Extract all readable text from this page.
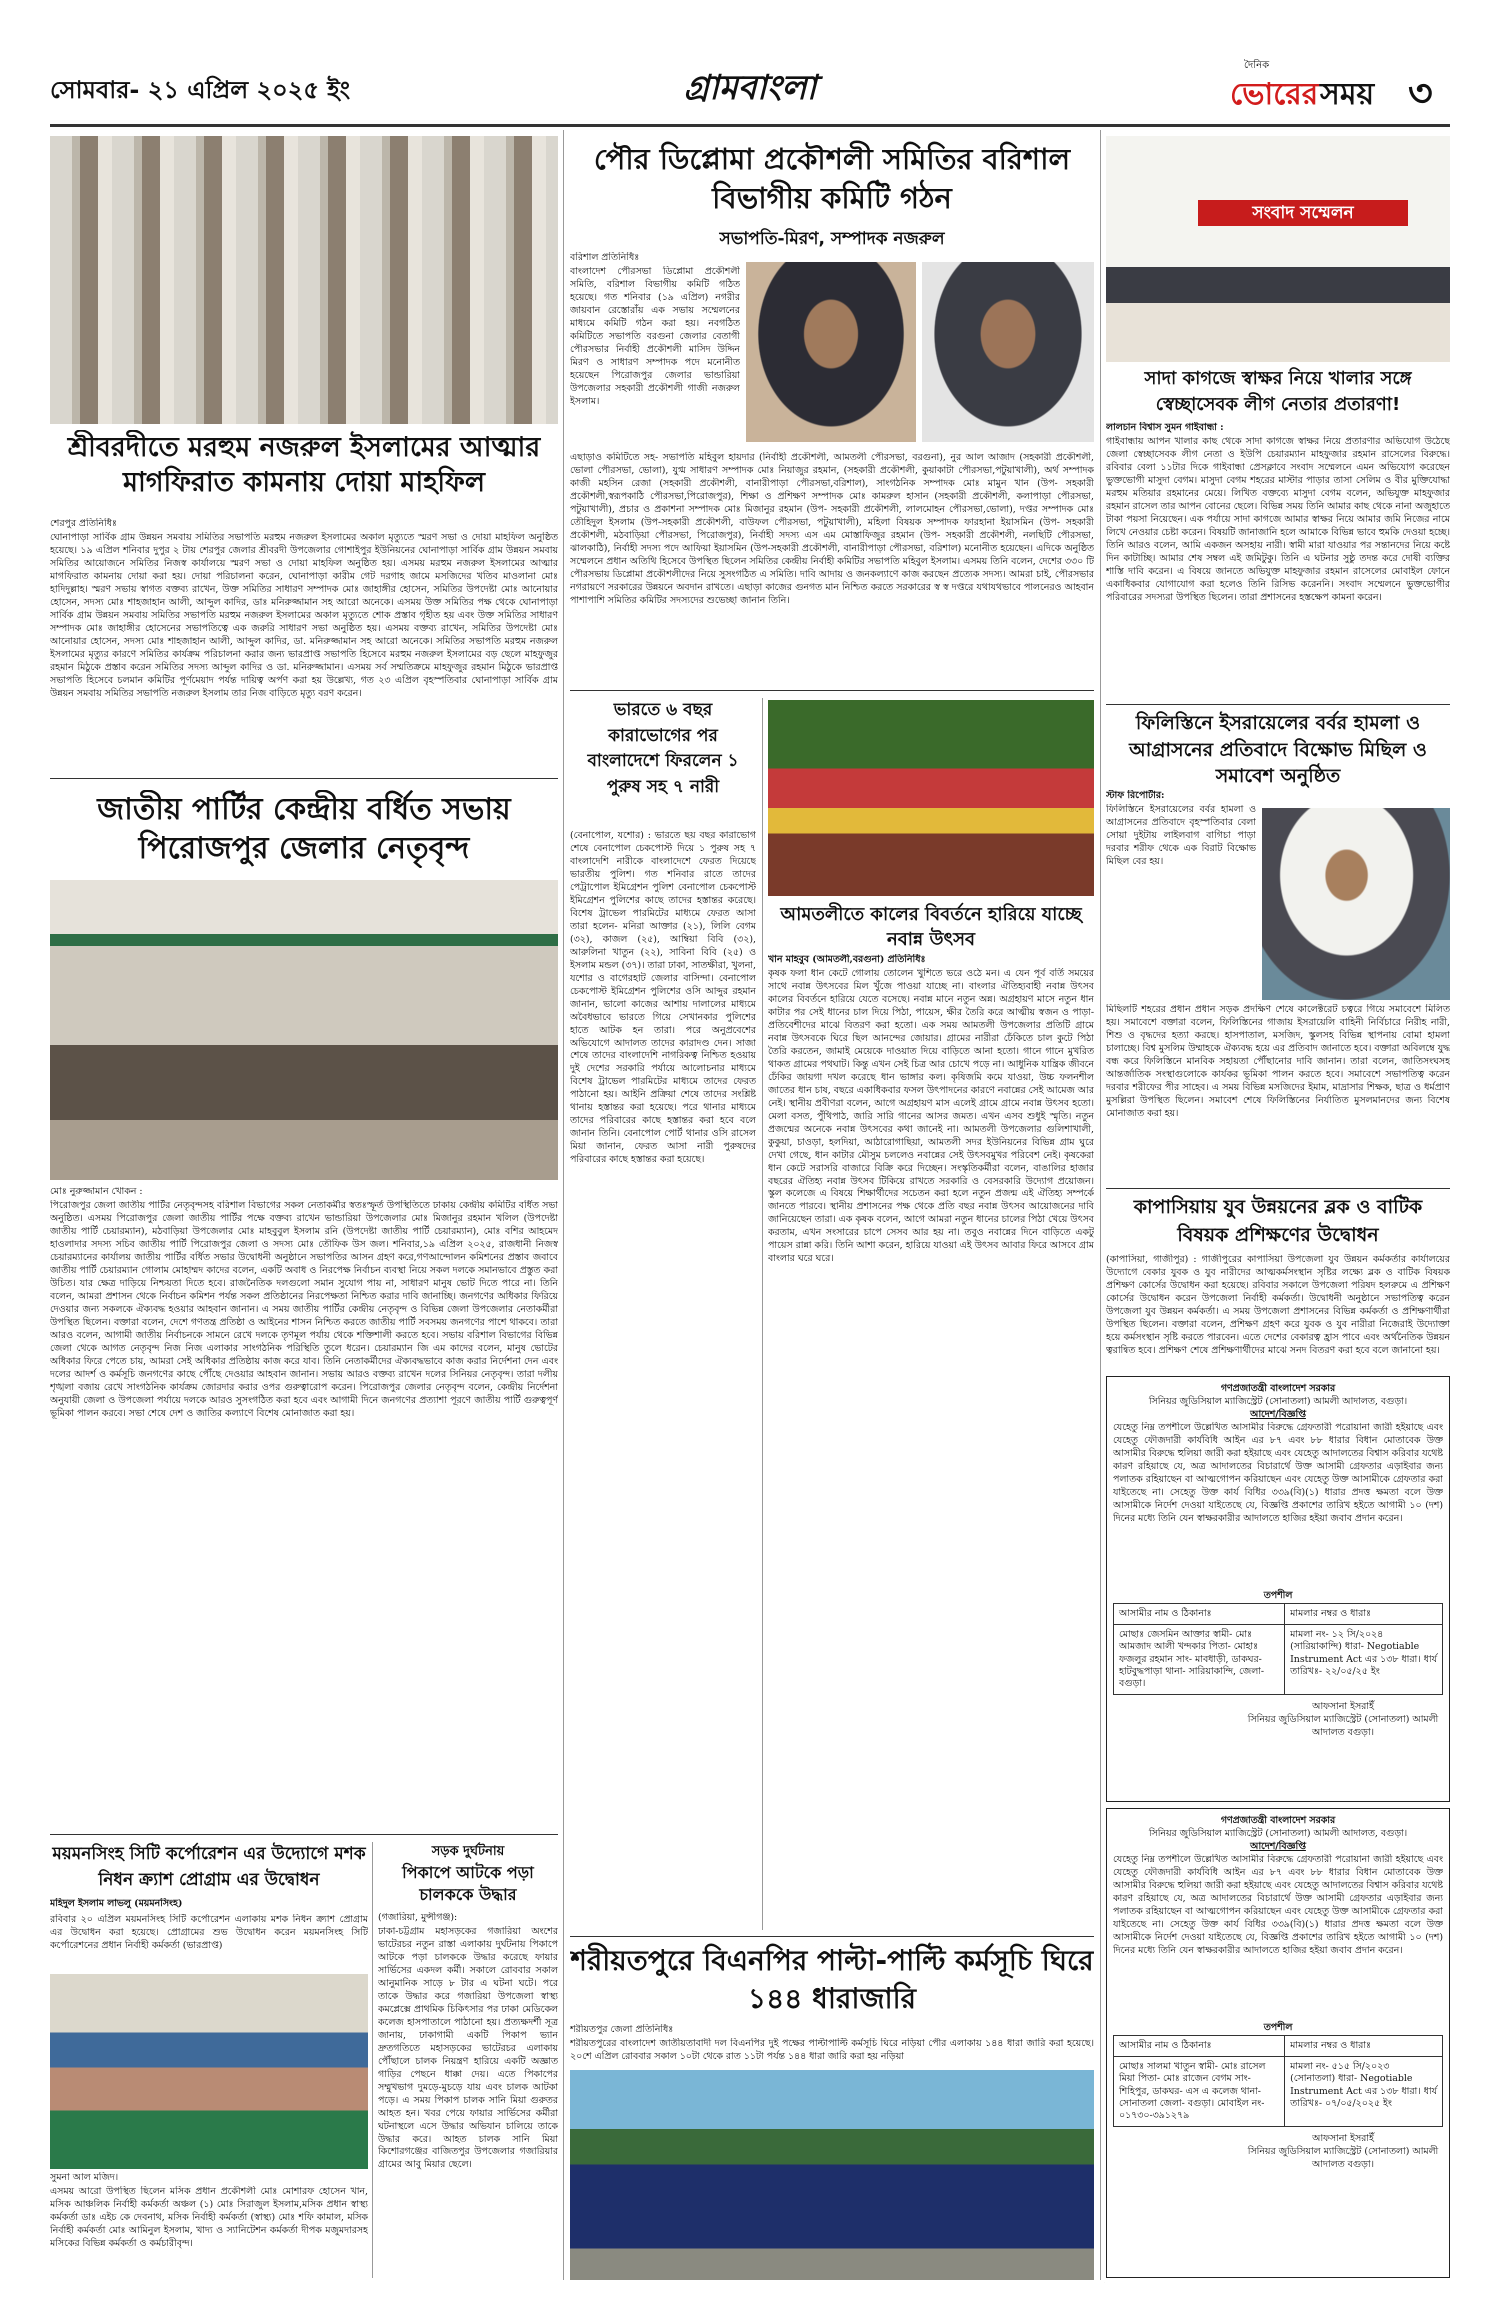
সোমবার- ২১ এপ্রিল ২০২৫ ইং	গ্রামবাংলা
দৈনিক
ভোরের সময় ৩
শ্রীবরদীতে মরহুম নজরুল ইসলামের আত্মার মাগফিরাত কামনায় দোয়া মাহফিল
শেরপুর প্রতিনিধিঃ
ঘোনাপাড়া সার্বিক গ্রাম উন্নয়ন সমবায় সমিতির সভাপতি মরহুম নজরুল ইসলামের অকাল মৃত্যুতে স্মরণ সভা ও দোয়া মাহফিল অনুষ্ঠিত হয়েছে। ১৯ এপ্রিল শনিবার দুপুর ২ টায় শেরপুর জেলার শ্রীবরদী উপজেলার গোশাইপুর ইউনিয়নের ঘোনাপাড়া সার্বিক গ্রাম উন্নয়ন সমবায় সমিতির আয়োজনে সমিতির নিজস্ব কার্যালয়ে স্মরণ সভা ও দোয়া মাহফিল অনুষ্ঠিত হয়। এসময় মরহুম নজরুল ইসলামের আত্মার মাগফিরাত কামনায় দোয়া করা হয়। দোয়া পরিচালনা করেন, ঘোনাপাড়া কারীম গেট দরগাহ জামে মসজিদের খতিব মাওলানা মোঃ হাদিদুল্লাহ। স্মরণ সভায় স্বাগত বক্তব্য রাখেন, উক্ত সমিতির সাধারণ সম্পাদক মোঃ জাহাঙ্গীর হোসেন, সমিতির উপদেষ্টা মোঃ আনোয়ার হোসেন, সদস্য মোঃ শাহজাহান আলী, আব্দুল কাদির, ডাঃ মনিরুজ্জামান সহ আরো অনেকে। এসময় উক্ত সমিতির পক্ষ থেকে ঘোনাপাড়া সার্বিক গ্রাম উন্নয়ন সমবায় সমিতির সভাপতি মরহুম নজরুল ইসলামের অকাল মৃত্যুতে শোক প্রস্তাব গৃহীত হয় এবং উক্ত সমিতির সাধারণ সম্পাদক মোঃ জাহাঙ্গীর হোসেনের সভাপতিত্বে এক জরুরি সাধারণ সভা অনুষ্ঠিত হয়। এসময় বক্তব্য রাখেন, সমিতির উপদেষ্টা মোঃ আনোয়ার হোসেন, সদস্য মোঃ শাহজাহান আলী, আব্দুল কাদির, ডা. মনিরুজ্জামান সহ আরো অনেকে। সমিতির সভাপতি মরহুম নজরুল ইসলামের মৃত্যুর কারণে সমিতির কার্যক্রম পরিচালনা করার জন্য ভারপ্রাপ্ত সভাপতি হিসেবে মরহুম নজরুল ইসলামের বড় ছেলে মাহফুজুর রহমান মিঠুকে প্রস্তাব করেন সমিতির সদস্য আব্দুল কাদির ও ডা. মনিরুজ্জামান। এসময় সর্ব সম্মতিক্রমে মাহফুজুর রহমান মিঠুকে ভারপ্রাপ্ত সভাপতি হিসেবে চলমান কমিটির পূর্ণমেয়াদ পর্যন্ত দায়িত্ব অর্পণ করা হয় উল্লেখ্য, গত ২৩ এপ্রিল বৃহস্পতিবার ঘোনাপাড়া সার্বিক গ্রাম উন্নয়ন সমবায় সমিতির সভাপতি নজরুল ইসলাম তার নিজ বাড়িতে মৃত্যু বরণ করেন।
জাতীয় পার্টির কেন্দ্রীয় বর্ধিত সভায় পিরোজপুর জেলার নেতৃবৃন্দ
মোঃ নুরুজ্জামান খোকন :
পিরোজপুর জেলা জাতীয় পার্টির নেতৃবৃন্দসহ বরিশাল বিভাগের সকল নেতাকর্মীর স্বতঃস্ফূর্ত উপস্থিতিতে ঢাকায় কেন্দ্রীয় কমিটির বর্ধিত সভা অনুষ্ঠিত। এসময় পিরোজপুর জেলা জাতীয় পার্টির পক্ষে বক্তব্য রাখেন ভান্ডারিয়া উপজেলার মোঃ মিজানুর রহমান খলিল (উপদেষ্টা জাতীয় পার্টি চেয়ারম্যান), মঠবাড়িয়া উপজেলার মোঃ মাহবুবুল ইসলাম রনি (উপদেষ্টা জাতীয় পার্টি চেয়ারম্যান), মোঃ বশির আহমেদ হাওলাদার সদস্য সচিব জাতীয় পার্টি পিরোজপুর জেলা ও সদস্য মোঃ তৌফিক উস জল। শনিবার,১৯ এপ্রিল ২০২৫, রাজধানী নিজস্ব চেয়ারম্যানের কার্যালয় জাতীয় পার্টির বর্ধিত সভার উদ্বোধনী অনুষ্ঠানে সভাপতির আসন গ্রহণ করে,গণআন্দোলন কমিশনের প্রস্তাব জবাবে জাতীয় পার্টি চেয়ারম্যান গোলাম মোহাম্মদ কাদের বলেন, একটি অবাধ ও নিরপেক্ষ নির্বাচন ব্যবস্থা নিয়ে সকল দলকে সমানভাবে প্রস্তুত করা উচিত। যার ক্ষেত্র দাড়িয়ে নিশ্চয়তা দিতে হবে। রাজনৈতিক দলগুলো সমান সুযোগ পায় না, সাধারণ মানুষ ভোট দিতে পারে না। তিনি বলেন, আমরা প্রশাসন থেকে নির্বাচন কমিশন পর্যন্ত সকল প্রতিষ্ঠানের নিরপেক্ষতা নিশ্চিত করার দাবি জানাচ্ছি। জনগণের অধিকার ফিরিয়ে দেওয়ার জন্য সকলকে ঐক্যবদ্ধ হওয়ার আহবান জানান। এ সময় জাতীয় পার্টির কেন্দ্রীয় নেতৃবৃন্দ ও বিভিন্ন জেলা উপজেলার নেতাকর্মীরা উপস্থিত ছিলেন। বক্তারা বলেন, দেশে গণতন্ত্র প্রতিষ্ঠা ও আইনের শাসন নিশ্চিত করতে জাতীয় পার্টি সবসময় জনগণের পাশে থাকবে। তারা আরও বলেন, আগামী জাতীয় নির্বাচনকে সামনে রেখে দলকে তৃণমূল পর্যায় থেকে শক্তিশালী করতে হবে। সভায় বরিশাল বিভাগের বিভিন্ন জেলা থেকে আগত নেতৃবৃন্দ নিজ নিজ এলাকার সাংগঠনিক পরিস্থিতি তুলে ধরেন। চেয়ারম্যান জি এম কাদের বলেন, মানুষ ভোটের অধিকার ফিরে পেতে চায়, আমরা সেই অধিকার প্রতিষ্ঠায় কাজ করে যাব। তিনি নেতাকর্মীদের ঐক্যবদ্ধভাবে কাজ করার নির্দেশনা দেন এবং দলের আদর্শ ও কর্মসূচি জনগণের কাছে পৌঁছে দেওয়ার আহবান জানান। সভায় আরও বক্তব্য রাখেন দলের সিনিয়র নেতৃবৃন্দ। তারা দলীয় শৃঙ্খলা বজায় রেখে সাংগঠনিক কার্যক্রম জোরদার করার ওপর গুরুত্বারোপ করেন। পিরোজপুর জেলার নেতৃবৃন্দ বলেন, কেন্দ্রীয় নির্দেশনা অনুযায়ী জেলা ও উপজেলা পর্যায়ে দলকে আরও সুসংগঠিত করা হবে এবং আগামী দিনে জনগণের প্রত্যাশা পূরণে জাতীয় পার্টি গুরুত্বপূর্ণ ভূমিকা পালন করবে। সভা শেষে দেশ ও জাতির কল্যাণে বিশেষ মোনাজাত করা হয়।
ময়মনসিংহ সিটি কর্পোরেশন এর উদ্যোগে মশক নিধন ক্র্যাশ প্রোগ্রাম এর উদ্বোধন
মহিদুল ইসলাম লাভলু (ময়মনসিংহ)
রবিবার ২০ এপ্রিল ময়মনসিংহ সিটি কর্পোরেশন এলাকায় মশক নিধন ক্র্যাশ প্রোগ্রাম এর উদ্বোধন করা হয়েছে। প্রোগ্রামের শুভ উদ্বোধন করেন ময়মনসিংহ সিটি কর্পোরেশনের প্রধান নির্বাহী কর্মকর্তা (ভারপ্রাপ্ত)
সুমনা আল মজিদ।
এসময় আরো উপস্থিত ছিলেন মসিক প্রধান প্রকৌশলী মোঃ মোশারফ হোসেন খান, মসিক আঞ্চলিক নির্বাহী কর্মকর্তা অঞ্চল (১) মোঃ সিরাজুল ইসলাম,মসিক প্রধান স্বাস্থ্য কর্মকর্তা ডাঃ এইচ কে দেবনাথ, মসিক নির্বাহী কর্মকর্তা (স্বাস্থ্য) মোঃ শফি কামাল, মসিক নির্বাহী কর্মকর্তা মোঃ আমিনুল ইসলাম, খাদ্য ও স্যানিটেশন কর্মকর্তা দীপক মজুমদারসহ মসিকের বিভিন্ন কর্মকর্তা ও কর্মচারীবৃন্দ।
সড়ক দুর্ঘটনায়
পিকাপে আটকে পড়া চালককে উদ্ধার
(গজারিয়া, মুন্সীগঞ্জ):
ঢাকা-চট্টগ্রাম মহাসড়কের গজারিয়া অংশের ভাটেরচর নতুন রাস্তা এলাকায় দুর্ঘটনায় পিকাপে আটকে পড়া চালককে উদ্ধার করেছে ফায়ার সার্ভিসের একদল কর্মী। সকালে রোববার সকাল আনুমানিক সাড়ে ৮ টার এ ঘটনা ঘটে। পরে তাকে উদ্ধার করে গজারিয়া উপজেলা স্বাস্থ্য কমপ্লেক্সে প্রাথমিক চিকিৎসার পর ঢাকা মেডিকেল কলেজ হাসপাতালে পাঠানো হয়। প্রত্যক্ষদর্শী সূত্র জানায়, ঢাকাগামী একটি পিকাপ ভ্যান দ্রুতগতিতে মহাসড়কের ভাটেরচর এলাকায় পৌঁছালে চালক নিয়ন্ত্রণ হারিয়ে একটি অজ্ঞাত গাড়ির পেছনে ধাক্কা দেয়। এতে পিকাপের সম্মুখভাগ দুমড়ে-মুচড়ে যায় এবং চালক আটকা পড়ে। এ সময় পিকাপ চালক সানি মিয়া গুরুতর আহত হন। খবর পেয়ে ফায়ার সার্ভিসের কর্মীরা ঘটনাস্থলে এসে উদ্ধার অভিযান চালিয়ে তাকে উদ্ধার করে। আহত চালক সানি মিয়া কিশোরগঞ্জের বাজিতপুর উপজেলার গজারিয়ার গ্রামের আবু মিয়ার ছেলে।
পৌর ডিপ্লোমা প্রকৌশলী সমিতির বরিশাল বিভাগীয় কমিটি গঠন
সভাপতি-মিরণ, সম্পাদক নজরুল
বরিশাল প্রতিনিধিঃ
বাংলাদেশ পৌরসভা ডিপ্লোমা প্রকৌশলী সমিতি, বরিশাল বিভাগীয় কমিটি গঠিত হয়েছে। গত শনিবার (১৯ এপ্রিল) নগরীর জায়বান রেস্তোরাঁয় এক সভায় সম্মেলনের মাধ্যমে কমিটি গঠন করা হয়। নবগঠিত কমিটিতে সভাপতি বরগুনা জেলার বেতাগী পৌরসভার নির্বাহী প্রকৌশলী মাসিদ উদ্দিন মিরণ ও সাধারণ সম্পাদক পদে মনোনীত হয়েছেন পিরোজপুর জেলার ভান্ডারিয়া উপজেলার সহকারী প্রকৌশলী গাজী নজরুল ইসলাম।
এছাড়াও কমিটিতে সহ- সভাপতি মহিবুল হায়দার (নির্বাহী প্রকৌশলী, আমতলী পৌরসভা, বরগুনা), নুর আল আজাদ (সহকারী প্রকৌশলী, ভোলা পৌরসভা, ভোলা), যুগ্ম সাধারণ সম্পাদক মোঃ নিয়াজুর রহমান, (সহকারী প্রকৌশলী, কুয়াকাটা পৌরসভা,পটুয়াখালী), অর্থ সম্পাদক কাজী মহসিন রেজা (সহকারী প্রকৌশলী, বানারীপাড়া পৌরসভা,বরিশাল), সাংগঠনিক সম্পাদক মোঃ মামুন খান (উপ- সহকারী প্রকৌশলী,স্বরূপকাঠি পৌরসভা,পিরোজপুর), শিক্ষা ও প্রশিক্ষণ সম্পাদক মোঃ কামরুল হাসান (সহকারী প্রকৌশলী, কলাপাড়া পৌরসভা, পটুয়াখালী), প্রচার ও প্রকাশনা সম্পাদক মোঃ মিজানুর রহমান (উপ- সহকারী প্রকৌশলী, লালমোহন পৌরসভা,ভোলা), দপ্তর সম্পাদক মোঃ তৌহিদুল ইসলাম (উপ-সহকারী প্রকৌশলী, বাউফল পৌরসভা, পটুয়াখালী), মহিলা বিষয়ক সম্পাদক ফারহানা ইয়াসমিন (উপ- সহকারী প্রকৌশলী, মঠবাড়িয়া পৌরসভা, পিরোজপুর), নির্বাহী সদস্য এস এম মোস্তাফিজুর রহমান (উপ- সহকারী প্রকৌশলী, নলছিটি পৌরসভা, ঝালকাঠি), নির্বাহী সদস্য পদে আফিয়া ইয়াসমিন (উপ-সহকারী প্রকৌশলী, বানারীপাড়া পৌরসভা, বরিশাল) মনোনীত হয়েছেন। এদিকে অনুষ্ঠিত সম্মেলনে প্রধান অতিথি হিসেবে উপস্থিত ছিলেন সমিতির কেন্দ্রীয় নির্বাহী কমিটির সভাপতি মহিবুল ইসলাম। এসময় তিনি বলেন, দেশের ৩৩০ টি পৌরসভায় ডিপ্লোমা প্রকৌশলীদের নিয়ে সুসংগঠিত এ সমিতি। দাবি আদায় ও জনকল্যাণে কাজ করছেন প্রত্যেক সদস্য। আমরা চাই, পৌরসভার নগরায়ণে সরকারের উন্নয়নে অবদান রাখতে। এছাড়া কাজের গুনগত মান নিশ্চিত করতে সরকারের স্ব স্ব দপ্তরে যথাযথভাবে পালনেরও আহবান পাশাপাশি সমিতির কমিটির সদস্যদের শুভেচ্ছা জানান তিনি।
ভারতে ৬ বছর কারাভোগের পর বাংলাদেশে ফিরলেন ১ পুরুষ সহ ৭ নারী
(বেনাপোল, যশোর) : ভারতে ছয় বছর কারাভোগ শেষে বেনাপোল চেকপোস্ট দিয়ে ১ পুরুষ সহ ৭ বাংলাদেশি নারীকে বাংলাদেশে ফেরত দিয়েছে ভারতীয় পুলিশ। গত শনিবার রাতে তাদের পেট্রাপোল ইমিগ্রেশন পুলিশ বেনাপোল চেকপোস্ট ইমিগ্রেশন পুলিশের কাছে তাদের হস্তান্তর করেছে। বিশেষ ট্রাভেল পারমিটের মাধ্যমে ফেরত আসা তারা হলেন- মনিরা আক্তার (২১), লিলি বেগম (৩২), কাজল (২৫), আম্বিয়া বিবি (৩২), আরুলিনা খাতুন (২২), সাবিনা বিবি (২৫) ও ইসলাম মন্ডল (৩৭)। তারা ঢাকা, সাতক্ষীরা, খুলনা, যশোর ও বাগেরহাট জেলার বাসিন্দা। বেনাপোল চেকপোস্ট ইমিগ্রেশন পুলিশের ওসি আব্দুর রহমান জানান, ভালো কাজের আশায় দালালের মাধ্যমে অবৈধভাবে ভারতে গিয়ে সেখানকার পুলিশের হাতে আটক হন তারা। পরে অনুপ্রবেশের অভিযোগে আদালত তাদের কারাদণ্ড দেন। সাজা শেষে তাদের বাংলাদেশি নাগরিকত্ব নিশ্চিত হওয়ায় দুই দেশের সরকারি পর্যায়ে আলোচনার মাধ্যমে বিশেষ ট্রাভেল পারমিটের মাধ্যমে তাদের ফেরত পাঠানো হয়। আইনি প্রক্রিয়া শেষে তাদের সংশ্লিষ্ট থানায় হস্তান্তর করা হয়েছে। পরে থানার মাধ্যমে তাদের পরিবারের কাছে হস্তান্তর করা হবে বলে জানান তিনি। বেনাপোল পোর্ট থানার ওসি রাসেল মিয়া জানান, ফেরত আসা নারী পুরুষদের পরিবারের কাছে হস্তান্তর করা হয়েছে।
আমতলীতে কালের বিবর্তনে হারিয়ে যাচ্ছে নবান্ন উৎসব
খান মাহবুব (আমতলী,বরগুনা) প্রতিনিধিঃ
কৃষক ফলা ধান কেটে গোলায় তোলেন খুশিতে ভরে ওঠে মন। এ যেন পূর্ব বর্তি সময়ের সাথে নবান্ন উৎসবের মিল খুঁজে পাওয়া যাচ্ছে না। বাংলার ঐতিহ্যবাহী নবান্ন উৎসব কালের বিবর্তনে হারিয়ে যেতে বসেছে। নবান্ন মানে নতুন অন্ন। অগ্রহায়ণ মাসে নতুন ধান কাটার পর সেই ধানের চাল দিয়ে পিঠা, পায়েস, ক্ষীর তৈরি করে আত্মীয় স্বজন ও পাড়া-প্রতিবেশীদের মাঝে বিতরণ করা হতো। এক সময় আমতলী উপজেলার প্রতিটি গ্রামে নবান্ন উৎসবকে ঘিরে ছিল আনন্দের জোয়ার। গ্রামের নারীরা ঢেঁকিতে চাল কুটে পিঠা তৈরি করতেন, জামাই মেয়েকে দাওয়াত দিয়ে বাড়িতে আনা হতো। গানে গানে মুখরিত থাকত গ্রামের পথঘাট। কিন্তু এখন সেই চিত্র আর চোখে পড়ে না। আধুনিক যান্ত্রিক জীবনে ঢেঁকির জায়গা দখল করেছে ধান ভাঙ্গার কল। কৃষিজমি কমে যাওয়া, উচ্চ ফলনশীল জাতের ধান চাষ, বছরে একাধিকবার ফসল উৎপাদনের কারণে নবান্নের সেই আমেজ আর নেই। স্থানীয় প্রবীণরা বলেন, আগে অগ্রহায়ণ মাস এলেই গ্রামে গ্রামে নবান্ন উৎসব হতো। মেলা বসত, পুঁথিপাঠ, জারি সারি গানের আসর জমত। এখন এসব শুধুই স্মৃতি। নতুন প্রজন্মের অনেকে নবান্ন উৎসবের কথা জানেই না। আমতলী উপজেলার গুলিশাখালী, কুকুয়া, চাওড়া, হলদিয়া, আঠারোগাছিয়া, আমতলী সদর ইউনিয়নের বিভিন্ন গ্রাম ঘুরে দেখা গেছে, ধান কাটার মৌসুম চললেও নবান্নের সেই উৎসবমুখর পরিবেশ নেই। কৃষকেরা ধান কেটে সরাসরি বাজারে বিক্রি করে দিচ্ছেন। সংস্কৃতিকর্মীরা বলেন, বাঙালির হাজার বছরের ঐতিহ্য নবান্ন উৎসব টিকিয়ে রাখতে সরকারি ও বেসরকারি উদ্যোগ প্রয়োজন। স্কুল কলেজে এ বিষয়ে শিক্ষার্থীদের সচেতন করা হলে নতুন প্রজন্ম এই ঐতিহ্য সম্পর্কে জানতে পারবে। স্থানীয় প্রশাসনের পক্ষ থেকে প্রতি বছর নবান্ন উৎসব আয়োজনের দাবি জানিয়েছেন তারা। এক কৃষক বলেন, আগে আমরা নতুন ধানের চালের পিঠা খেয়ে উৎসব করতাম, এখন সংসারের চাপে সেসব আর হয় না। তবুও নবান্নের দিনে বাড়িতে একটু পায়েস রান্না করি। তিনি আশা করেন, হারিয়ে যাওয়া এই উৎসব আবার ফিরে আসবে গ্রাম বাংলার ঘরে ঘরে।
শরীয়তপুরে বিএনপির পাল্টা-পাল্টি কর্মসূচি ঘিরে ১৪৪ ধারাজারি
শরীয়তপুর জেলা প্রতিনিধিঃ
শরীয়তপুরের বাংলাদেশ জাতীয়তাবাদী দল বিএনপির দুই পক্ষের পাল্টাপাল্টি কর্মসূচি ঘিরে নড়িয়া পৌর এলাকায় ১৪৪ ধারা জারি করা হয়েছে। ২০শে এপ্রিল রোববার সকাল ১০টা থেকে রাত ১১টা পর্যন্ত ১৪৪ ধারা জারি করা হয় নড়িয়া
সংবাদ সম্মেলন
সাদা কাগজে স্বাক্ষর নিয়ে খালার সঙ্গে স্বেচ্ছাসেবক লীগ নেতার প্রতারণা!
লালচান বিশ্বাস সুমন গাইবান্ধা :
গাইবান্ধায় আপন খালার কাছ থেকে সাদা কাগজে স্বাক্ষর নিয়ে প্রতারণার অভিযোগ উঠেছে জেলা স্বেচ্ছাসেবক লীগ নেতা ও ইউপি চেয়ারম্যান মাহফুজার রহমান রাসেলের বিরুদ্ধে। রবিবার বেলা ১১টার দিকে গাইবান্ধা প্রেসক্লাবে সংবাদ সম্মেলনে এমন অভিযোগ করেছেন ভুক্তভোগী মাসুদা বেগম। মাসুদা বেগম শহরের মাস্টার পাড়ার তাসা সেলিম ও বীর মুক্তিযোদ্ধা মরহুম মতিয়ার রহমানের মেয়ে। লিখিত বক্তব্যে মাসুদা বেগম বলেন, অভিযুক্ত মাহফুজার রহমান রাসেল তার আপন বোনের ছেলে। বিভিন্ন সময় তিনি আমার কাছ থেকে নানা অজুহাতে টাকা পয়সা নিয়েছেন। এক পর্যায়ে সাদা কাগজে আমার স্বাক্ষর নিয়ে আমার জমি নিজের নামে লিখে নেওয়ার চেষ্টা করেন। বিষয়টি জানাজানি হলে আমাকে বিভিন্ন ভাবে হুমকি দেওয়া হচ্ছে। তিনি আরও বলেন, আমি একজন অসহায় নারী। স্বামী মারা যাওয়ার পর সন্তানদের নিয়ে কষ্টে দিন কাটাচ্ছি। আমার শেষ সম্বল এই জমিটুকু। তিনি এ ঘটনার সুষ্ঠু তদন্ত করে দোষী ব্যক্তির শাস্তি দাবি করেন। এ বিষয়ে জানতে অভিযুক্ত মাহফুজার রহমান রাসেলের মোবাইল ফোনে একাধিকবার যোগাযোগ করা হলেও তিনি রিসিভ করেননি। সংবাদ সম্মেলনে ভুক্তভোগীর পরিবারের সদস্যরা উপস্থিত ছিলেন। তারা প্রশাসনের হস্তক্ষেপ কামনা করেন।
ফিলিস্তিনে ইসরায়েলের বর্বর হামলা ও আগ্রাসনের প্রতিবাদে বিক্ষোভ মিছিল ও সমাবেশ অনুষ্ঠিত
স্টাফ রিপোর্টার:
ফিলিস্তিনে ইসরায়েলের বর্বর হামলা ও আগ্রাসনের প্রতিবাদে বৃহস্পতিবার বেলা সোয়া দুইটায় লাইলবাগ বাগিচা পাড়া দরবার শরীফ থেকে এক বিরাট বিক্ষোভ মিছিল বের হয়।
মিছিলটি শহরের প্রধান প্রধান সড়ক প্রদক্ষিণ শেষে কালেক্টরেট চত্বরে গিয়ে সমাবেশে মিলিত হয়। সমাবেশে বক্তারা বলেন, ফিলিস্তিনের গাজায় ইসরায়েলি বাহিনী নির্বিচারে নিরীহ নারী, শিশু ও বৃদ্ধদের হত্যা করছে। হাসপাতাল, মসজিদ, স্কুলসহ বিভিন্ন স্থাপনায় বোমা হামলা চালাচ্ছে। বিশ্ব মুসলিম উম্মাহকে ঐক্যবদ্ধ হয়ে এর প্রতিবাদ জানাতে হবে। বক্তারা অবিলম্বে যুদ্ধ বন্ধ করে ফিলিস্তিনে মানবিক সহায়তা পৌঁছানোর দাবি জানান। তারা বলেন, জাতিসংঘসহ আন্তর্জাতিক সংস্থাগুলোকে কার্যকর ভূমিকা পালন করতে হবে। সমাবেশে সভাপতিত্ব করেন দরবার শরীফের পীর সাহেব। এ সময় বিভিন্ন মসজিদের ইমাম, মাদ্রাসার শিক্ষক, ছাত্র ও ধর্মপ্রাণ মুসল্লিরা উপস্থিত ছিলেন। সমাবেশ শেষে ফিলিস্তিনের নির্যাতিত মুসলমানদের জন্য বিশেষ মোনাজাত করা হয়।
কাপাসিয়ায় যুব উন্নয়নের ব্লক ও বাটিক বিষয়ক প্রশিক্ষণের উদ্বোধন
(কাপাসিয়া, গাজীপুর) : গাজীপুরের কাপাসিয়া উপজেলা যুব উন্নয়ন কর্মকর্তার কার্যালয়ের উদ্যোগে বেকার যুবক ও যুব নারীদের আত্মকর্মসংস্থান সৃষ্টির লক্ষ্যে ব্লক ও বাটিক বিষয়ক প্রশিক্ষণ কোর্সের উদ্বোধন করা হয়েছে। রবিবার সকালে উপজেলা পরিষদ হলরুমে এ প্রশিক্ষণ কোর্সের উদ্বোধন করেন উপজেলা নির্বাহী কর্মকর্তা। উদ্বোধনী অনুষ্ঠানে সভাপতিত্ব করেন উপজেলা যুব উন্নয়ন কর্মকর্তা। এ সময় উপজেলা প্রশাসনের বিভিন্ন কর্মকর্তা ও প্রশিক্ষণার্থীরা উপস্থিত ছিলেন। বক্তারা বলেন, প্রশিক্ষণ গ্রহণ করে যুবক ও যুব নারীরা নিজেরাই উদ্যোক্তা হয়ে কর্মসংস্থান সৃষ্টি করতে পারবেন। এতে দেশের বেকারত্ব হ্রাস পাবে এবং অর্থনৈতিক উন্নয়ন ত্বরান্বিত হবে। প্রশিক্ষণ শেষে প্রশিক্ষণার্থীদের মাঝে সনদ বিতরণ করা হবে বলে জানানো হয়।
গণপ্রজাতন্ত্রী বাংলাদেশ সরকার
সিনিয়র জুডিসিয়াল ম্যাজিস্ট্রেট (সোনাতলা) আমলী আদালত, বগুড়া।
আদেশ/বিজ্ঞপ্তি
যেহেতু নিম্ন তপশীলে উল্লেখিত আসামীর বিরুদ্ধে গ্রেফতারী পরোয়ানা জারী হইয়াছে এবং যেহেতু ফৌজদারী কার্যবিধি আইন এর ৮৭ এবং ৮৮ ধারার বিধান মোতাবেক উক্ত আসামীর বিরুদ্ধে হুলিয়া জারী করা হইয়াছে এবং যেহেতু আদালতের বিশ্বাস করিবার যথেষ্ট কারণ রহিয়াছে যে, অত্র আদালতের বিচারার্থে উক্ত আসামী গ্রেফতার এড়াইবার জন্য পলাতক রহিয়াছেন বা আত্মগোপন করিয়াছেন এবং যেহেতু উক্ত আসামীকে গ্রেফতার করা যাইতেছে না। সেহেতু উক্ত কার্য বিধির ৩৩৯(বি)(১) ধারার প্রদত্ত ক্ষমতা বলে উক্ত আসামীকে নির্দেশ দেওয়া যাইতেছে যে, বিজ্ঞপ্তি প্রকাশের তারিখ হইতে আগামী ১০ (দশ) দিনের মধ্যে তিনি যেন স্বাক্ষরকারীর আদালতে হাজির হইয়া জবাব প্রদান করেন।
তপশীল
আসামীর নাম ও ঠিকানাঃ	মামলার নম্বর ও ধারাঃ
মোছাঃ জেসমিন আক্তার স্বামী- মোঃ আমজাদ আলী খন্দকার পিতা- মোহাঃ ফজলুর রহমান সাং- মাবধাড়ী, ডাকঘর- হাটবুদ্ধপাড়া থানা- সারিয়াকান্দি, জেলা- বগুড়া।	মামলা নং- ১২ সি/২০২৪ (সারিয়াকান্দি) ধারা- Negotiable Instrument Act এর ১৩৮ ধারা। ধার্য তারিখঃ- ২২/০৫/২৫ ইং
আফসানা ইসরাইঁ
সিনিয়র জুডিসিয়াল ম্যাজিস্ট্রেট (সোনাতলা) আমলী আদালত বগুড়া।
গণপ্রজাতন্ত্রী বাংলাদেশ সরকার
সিনিয়র জুডিসিয়াল ম্যাজিস্ট্রেট (সোনাতলা) আমলী আদালত, বগুড়া।
আদেশ/বিজ্ঞপ্তি
যেহেতু নিম্ন তপশীলে উল্লেখিত আসামীর বিরুদ্ধে গ্রেফতারী পরোয়ানা জারী হইয়াছে এবং যেহেতু ফৌজদারী কার্যবিধি আইন এর ৮৭ এবং ৮৮ ধারার বিধান মোতাবেক উক্ত আসামীর বিরুদ্ধে হুলিয়া জারী করা হইয়াছে এবং যেহেতু আদালতের বিশ্বাস করিবার যথেষ্ট কারণ রহিয়াছে যে, অত্র আদালতের বিচারার্থে উক্ত আসামী গ্রেফতার এড়াইবার জন্য পলাতক রহিয়াছেন বা আত্মগোপন করিয়াছেন এবং যেহেতু উক্ত আসামীকে গ্রেফতার করা যাইতেছে না। সেহেতু উক্ত কার্য বিধির ৩৩৯(বি)(১) ধারার প্রদত্ত ক্ষমতা বলে উক্ত আসামীকে নির্দেশ দেওয়া যাইতেছে যে, বিজ্ঞপ্তি প্রকাশের তারিখ হইতে আগামী ১০ (দশ) দিনের মধ্যে তিনি যেন স্বাক্ষরকারীর আদালতে হাজির হইয়া জবাব প্রদান করেন।
তপশীল
আসামীর নাম ও ঠিকানাঃ	মামলার নম্বর ও ধারাঃ
মোছাঃ সালমা খাতুন স্বামী- মোঃ রাসেল মিয়া পিতা- মোঃ রাজেন বেগম সাং- শিহিপুর, ডাকঘর- এস এ কলেজ থানা- সোনাতলা জেলা- বগুড়া। মোবাইল নং- ০১৭৩০-৩৯১২৭৯	মামলা নং- ৫১৫ সি/২০২৩ (সোনাতলা) ধারা- Negotiable Instrument Act এর ১৩৮ ধারা। ধার্য তারিখঃ- ০৭/০৫/২০২৫ ইং
আফসানা ইসরাইঁ
সিনিয়র জুডিসিয়াল ম্যাজিস্ট্রেট (সোনাতলা) আমলী আদালত বগুড়া।
